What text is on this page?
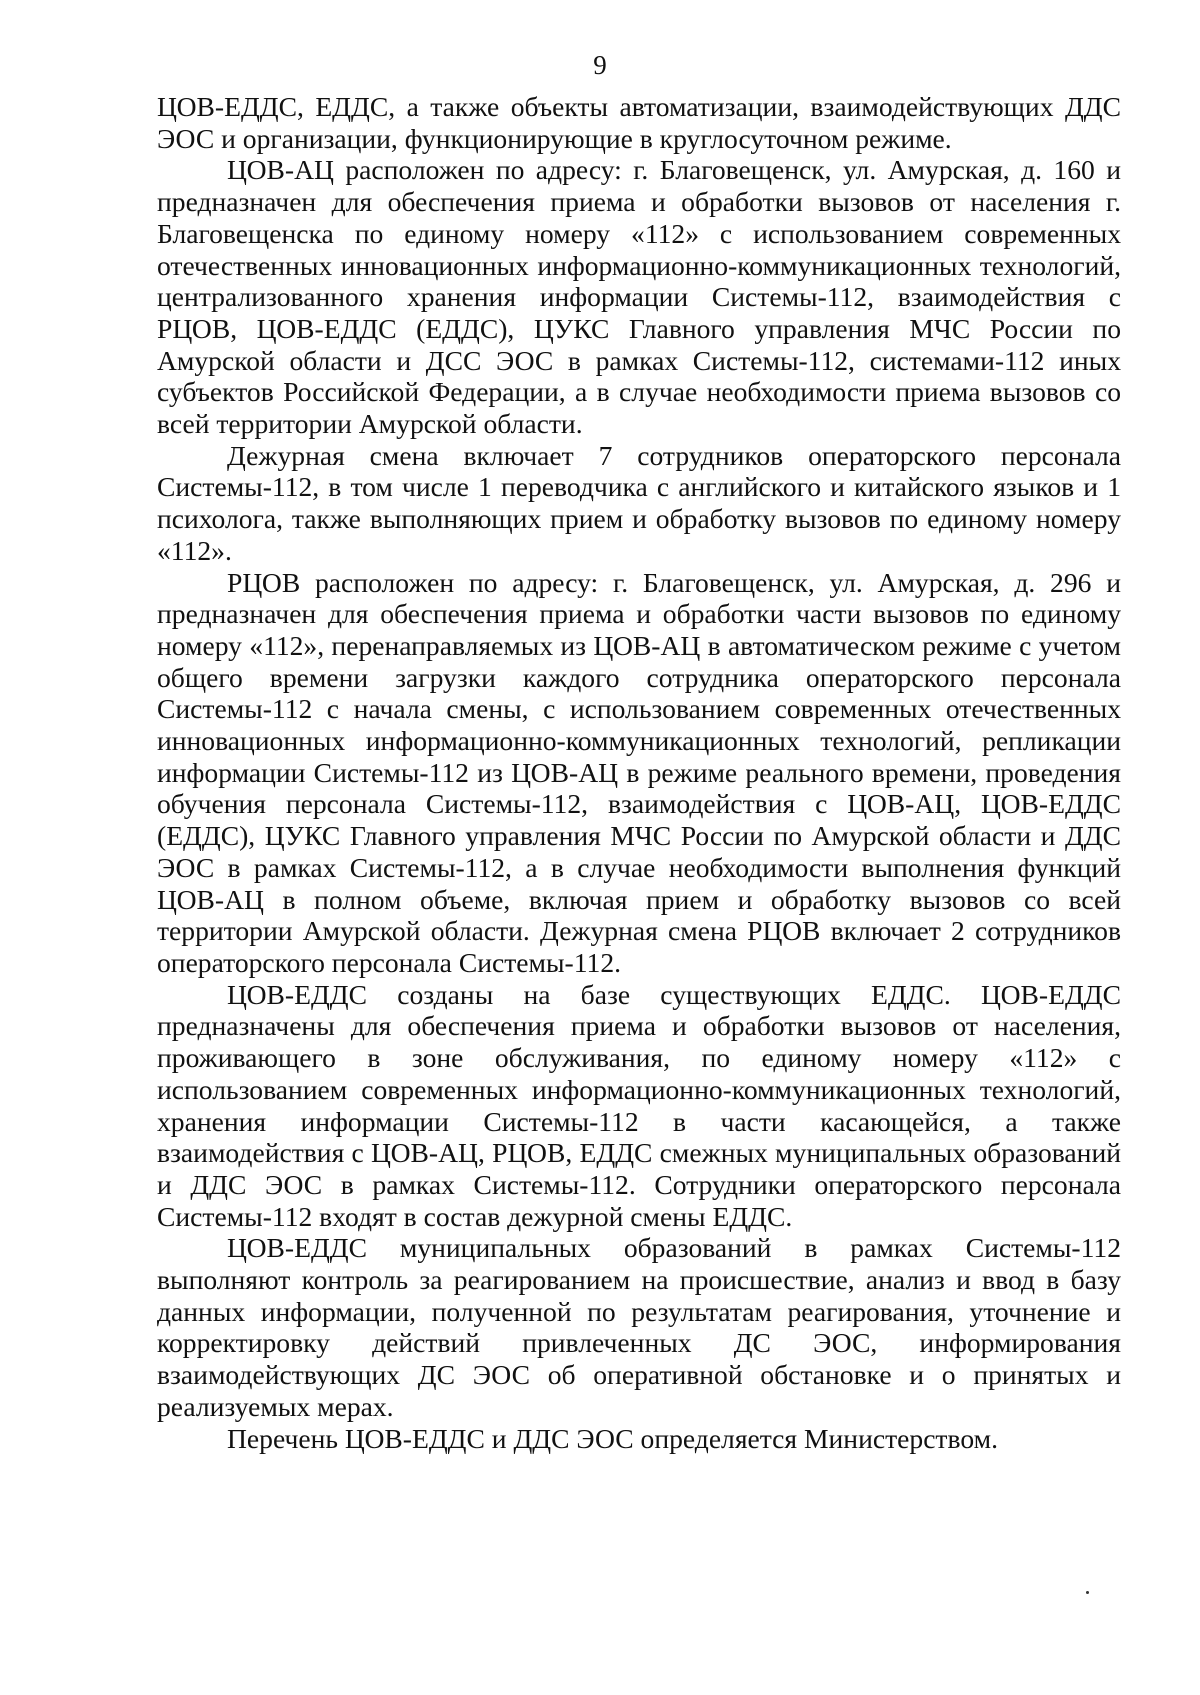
9

ЦОВ-ЕДДС, ЕДДС, а также объекты автоматизации, взаимодействующих ДДС ЭОС и организации, функционирующие в круглосуточном режиме.

ЦОВ-АЦ расположен по адресу: г. Благовещенск, ул. Амурская, д. 160 и предназначен для обеспечения приема и обработки вызовов от населения г. Благовещенска по единому номеру «112» с использованием современных отечественных инновационных информационно-коммуникационных технологий, централизованного хранения информации Системы-112, взаимодействия с РЦОВ, ЦОВ-ЕДДС (ЕДДС), ЦУКС Главного управления МЧС России по Амурской области и ДСС ЭОС в рамках Системы-112, системами-112 иных субъектов Российской Федерации, а в случае необходимости приема вызовов со всей территории Амурской области.

Дежурная смена включает 7 сотрудников операторского персонала Системы-112, в том числе 1 переводчика с английского и китайского языков и 1 психолога, также выполняющих прием и обработку вызовов по единому номеру «112».

РЦОВ расположен по адресу: г. Благовещенск, ул. Амурская, д. 296 и предназначен для обеспечения приема и обработки части вызовов по единому номеру «112», перенаправляемых из ЦОВ-АЦ в автоматическом режиме с учетом общего времени загрузки каждого сотрудника операторского персонала Системы-112 с начала смены, с использованием современных отечественных инновационных информационно-коммуникационных технологий, репликации информации Системы-112 из ЦОВ-АЦ в режиме реального времени, проведения обучения персонала Системы-112, взаимодействия с ЦОВ-АЦ, ЦОВ-ЕДДС (ЕДДС), ЦУКС Главного управления МЧС России по Амурской области и ДДС ЭОС в рамках Системы-112, а в случае необходимости выполнения функций ЦОВ-АЦ в полном объеме, включая прием и обработку вызовов со всей территории Амурской области. Дежурная смена РЦОВ включает 2 сотрудников операторского персонала Системы-112.

ЦОВ-ЕДДС созданы на базе существующих ЕДДС. ЦОВ-ЕДДС предназначены для обеспечения приема и обработки вызовов от населения, проживающего в зоне обслуживания, по единому номеру «112» с использованием современных информационно-коммуникационных технологий, хранения информации Системы-112 в части касающейся, а также взаимодействия с ЦОВ-АЦ, РЦОВ, ЕДДС смежных муниципальных образований и ДДС ЭОС в рамках Системы-112. Сотрудники операторского персонала Системы-112 входят в состав дежурной смены ЕДДС.

ЦОВ-ЕДДС муниципальных образований в рамках Системы-112 выполняют контроль за реагированием на происшествие, анализ и ввод в базу данных информации, полученной по результатам реагирования, уточнение и корректировку действий привлеченных ДС ЭОС, информирования взаимодействующих ДС ЭОС об оперативной обстановке и о принятых и реализуемых мерах.

Перечень ЦОВ-ЕДДС и ДДС ЭОС определяется Министерством.
